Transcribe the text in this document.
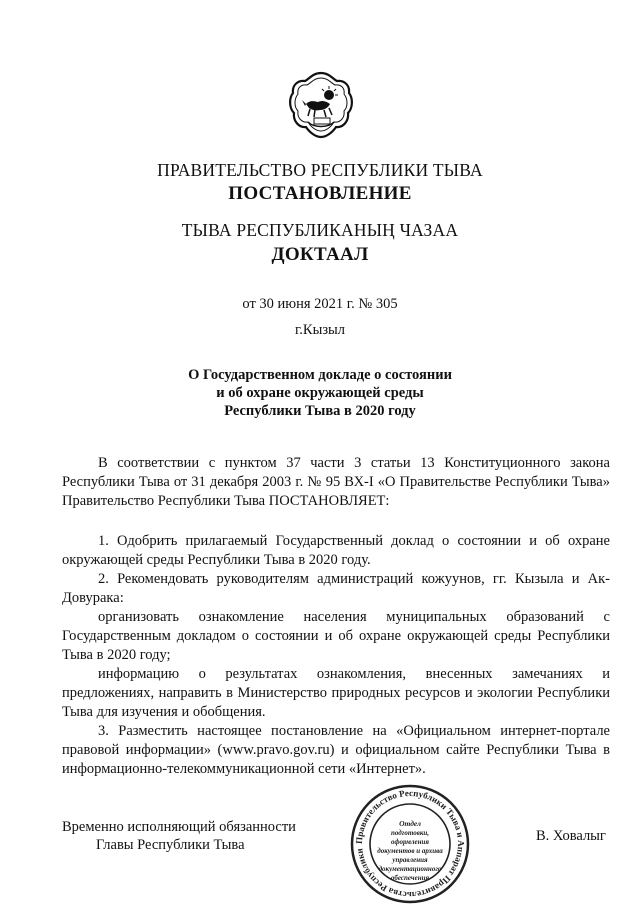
ПРАВИТЕЛЬСТВО РЕСПУБЛИКИ ТЫВА
ПОСТАНОВЛЕНИЕ
ТЫВА РЕСПУБЛИКАНЫҢ ЧАЗАА
ДОКТААЛ
от 30 июня 2021 г. № 305
г.Кызыл
О Государственном докладе о состоянии
и об охране окружающей среды
Республики Тыва в 2020 году

В соответствии с пунктом 37 части 3 статьи 13 Конституционного закона Республики Тыва от 31 декабря 2003 г. № 95 ВХ-I «О Правительстве Республики Тыва» Правительство Республики Тыва ПОСТАНОВЛЯЕТ:

1. Одобрить прилагаемый Государственный доклад о состоянии и об охране окружающей среды Республики Тыва в 2020 году.

2. Рекомендовать руководителям администраций кожуунов, гг. Кызыла и Ак-Довурака:

организовать ознакомление населения муниципальных образований с Государственным докладом о состоянии и об охране окружающей среды Республики Тыва в 2020 году;

информацию о результатах ознакомления, внесенных замечаниях и предложениях, направить в Министерство природных ресурсов и экологии Республики Тыва для изучения и обобщения.

3. Разместить настоящее постановление на «Официальном интернет-портале правовой информации» (www.pravo.gov.ru) и официальном сайте Республики Тыва в информационно-телекоммуникационной сети «Интернет».

Временно исполняющий обязанности
Главы Республики Тыва
В. Ховалыг
Правительство Республики Тыва и Аппарат Правительства Республики
Отдел
подготовки,
оформления
документов и архива
управления
документационного
обеспечения
